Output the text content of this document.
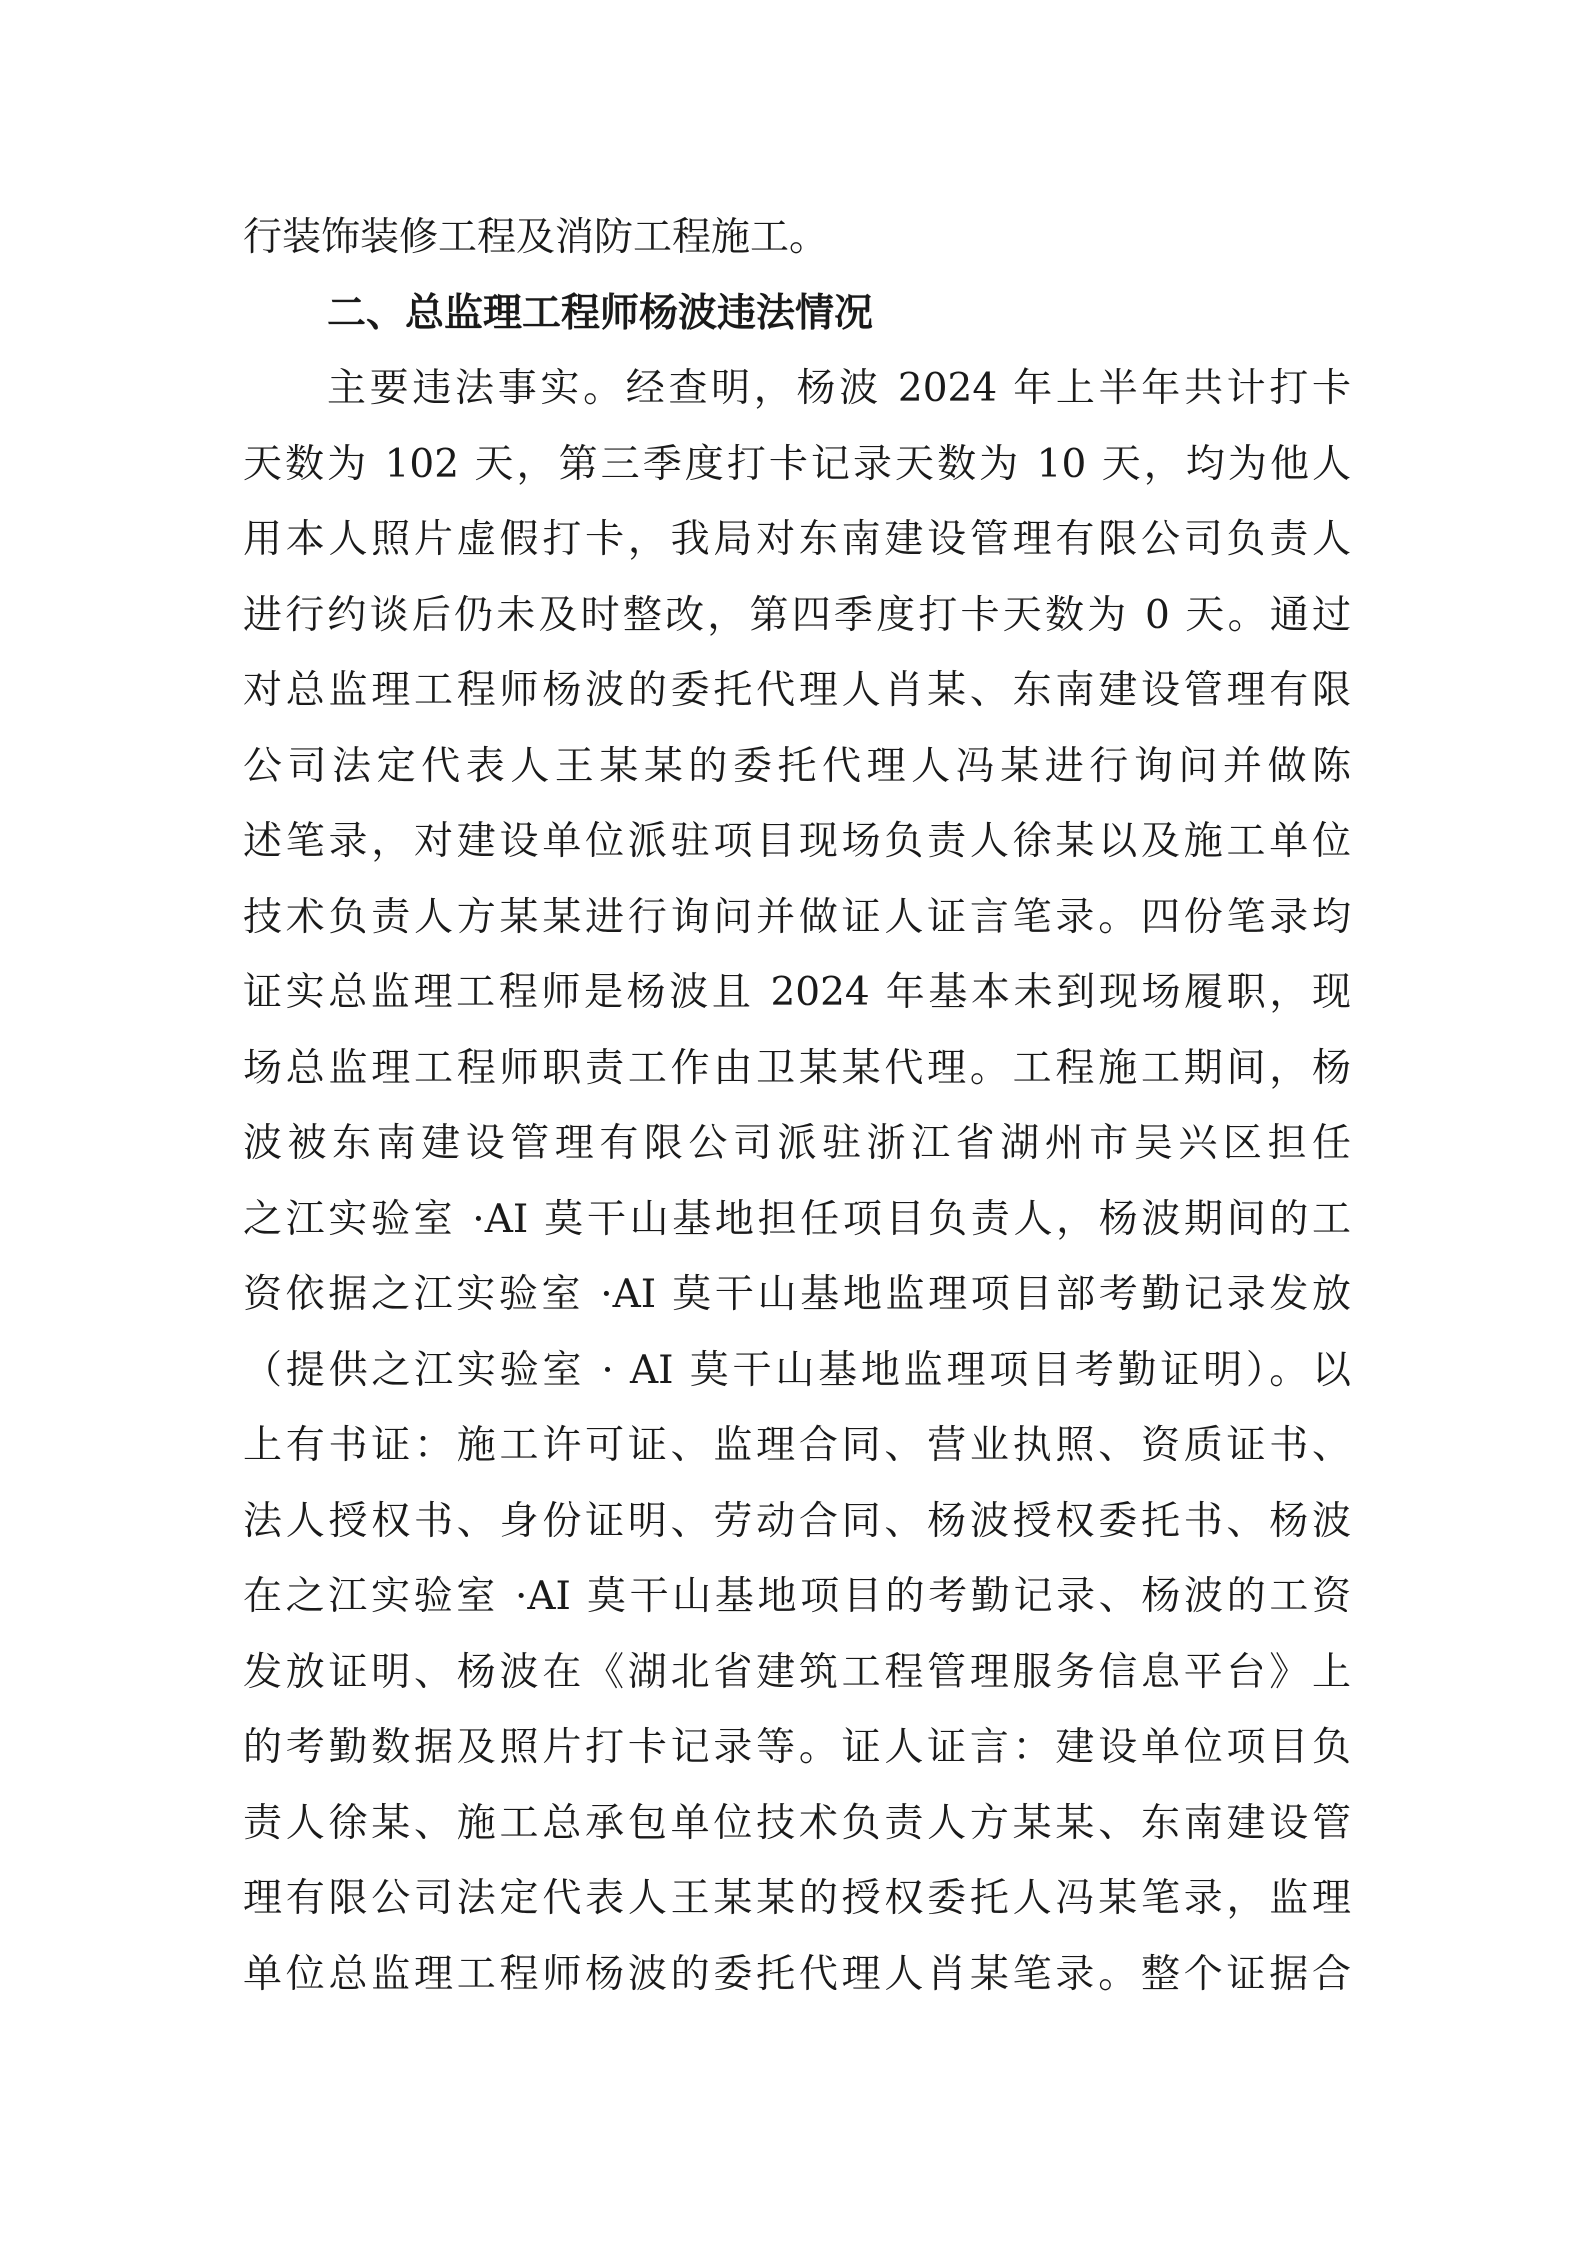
行装饰装修工程及消防工程施工。
二、总监理工程师杨波违法情况
主要违法事实。经查明，杨波 2024 年上半年共计打卡
天数为 102 天，第三季度打卡记录天数为 10 天，均为他人
用本人照片虚假打卡，我局对东南建设管理有限公司负责人
进行约谈后仍未及时整改，第四季度打卡天数为 0 天。通过
对总监理工程师杨波的委托代理人肖某、东南建设管理有限
公司法定代表人王某某的委托代理人冯某进行询问并做陈
述笔录，对建设单位派驻项目现场负责人徐某以及施工单位
技术负责人方某某进行询问并做证人证言笔录。四份笔录均
证实总监理工程师是杨波且 2024 年基本未到现场履职，现
场总监理工程师职责工作由卫某某代理。工程施工期间，杨
波被东南建设管理有限公司派驻浙江省湖州市吴兴区担任
之江实验室 ·AI 莫干山基地担任项目负责人，杨波期间的工
资依据之江实验室 ·AI 莫干山基地监理项目部考勤记录发放
（提供之江实验室 · AI 莫干山基地监理项目考勤证明）。以
上有书证：施工许可证、监理合同、营业执照、资质证书、
法人授权书、身份证明、劳动合同、杨波授权委托书、杨波
在之江实验室 ·AI 莫干山基地项目的考勤记录、杨波的工资
发放证明、杨波在《湖北省建筑工程管理服务信息平台》上
的考勤数据及照片打卡记录等。证人证言：建设单位项目负
责人徐某、施工总承包单位技术负责人方某某、东南建设管
理有限公司法定代表人王某某的授权委托人冯某笔录，监理
单位总监理工程师杨波的委托代理人肖某笔录。整个证据合
